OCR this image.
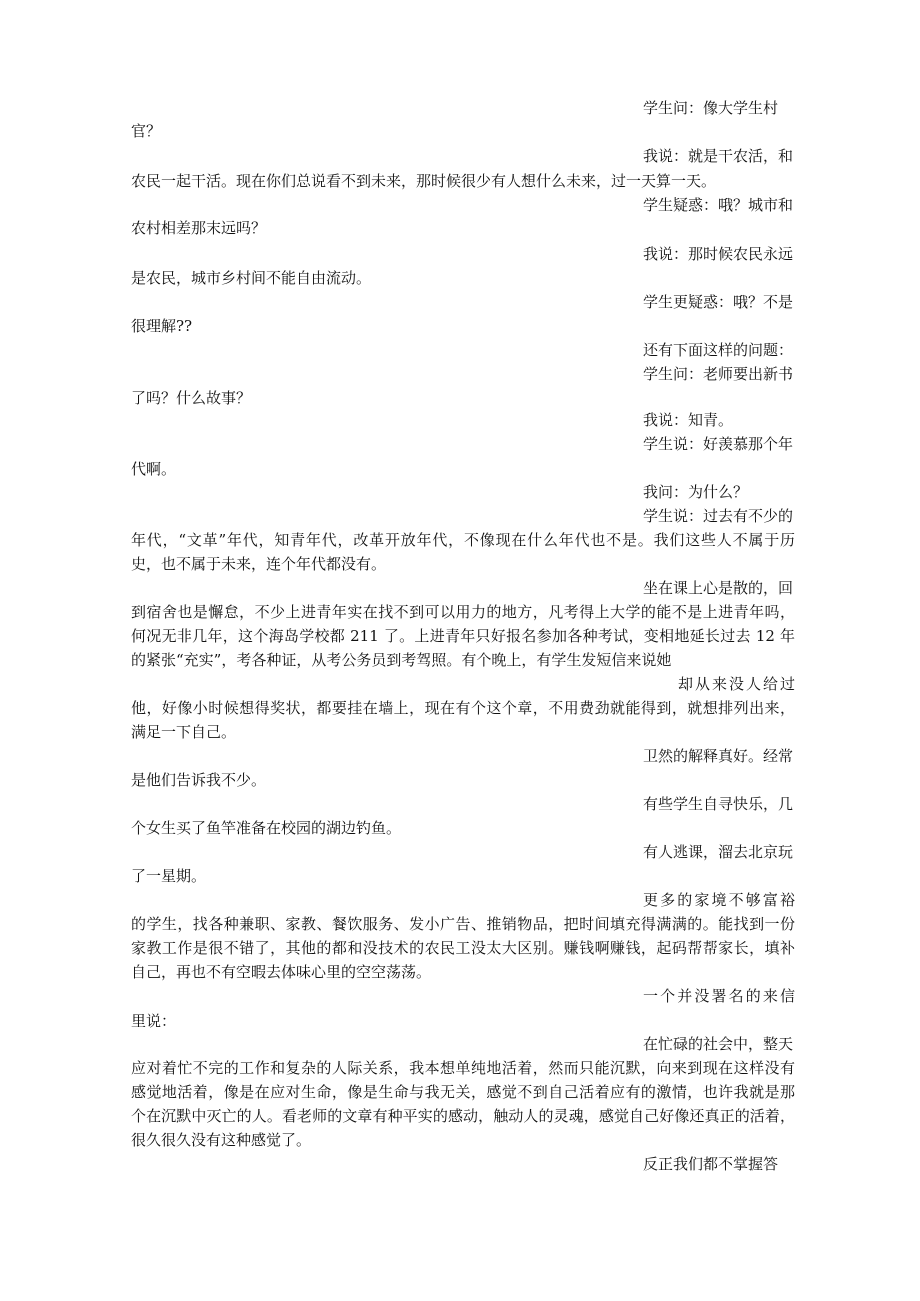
学生问：像大学生村
官？
我说：就是干农活，和
农民一起干活。现在你们总说看不到未来，那时候很少有人想什么未来，过一天算一天。
学生疑惑：哦？城市和
农村相差那末远吗？
我说：那时候农民永远
是农民，城市乡村间不能自由流动。
学生更疑惑：哦？不是
很理解??
还有下面这样的问题：
学生问：老师要出新书
了吗？什么故事？
我说：知青。
学生说：好羡慕那个年
代啊。
我问：为什么？
学生说：过去有不少的
年代，“文革”年代，知青年代，改革开放年代，不像现在什么年代也不是。我们这些人不属于历
史，也不属于未来，连个年代都没有。
坐在课上心是散的，回
到宿舍也是懈怠，不少上进青年实在找不到可以用力的地方，凡考得上大学的能不是上进青年吗，
何况无非几年，这个海岛学校都 211 了。上进青年只好报名参加各种考试，变相地延长过去 12 年
的紧张“充实”，考各种证，从考公务员到考驾照。有个晚上，有学生发短信来说她
却从来没人给过
他，好像小时候想得奖状，都要挂在墙上，现在有个这个章，不用费劲就能得到，就想排列出来，
满足一下自己。
卫然的解释真好。经常
是他们告诉我不少。
有些学生自寻快乐，几
个女生买了鱼竿准备在校园的湖边钓鱼。
有人逃课，溜去北京玩
了一星期。
更多的家境不够富裕
的学生，找各种兼职、家教、餐饮服务、发小广告、推销物品，把时间填充得满满的。能找到一份
家教工作是很不错了，其他的都和没技术的农民工没太大区别。赚钱啊赚钱，起码帮帮家长，填补
自己，再也不有空暇去体味心里的空空荡荡。
一个并没署名的来信
里说：
在忙碌的社会中，整天
应对着忙不完的工作和复杂的人际关系，我本想单纯地活着，然而只能沉默，向来到现在这样没有
感觉地活着，像是在应对生命，像是生命与我无关，感觉不到自己活着应有的激情，也许我就是那
个在沉默中灭亡的人。看老师的文章有种平实的感动，触动人的灵魂，感觉自己好像还真正的活着，
很久很久没有这种感觉了。
反正我们都不掌握答
